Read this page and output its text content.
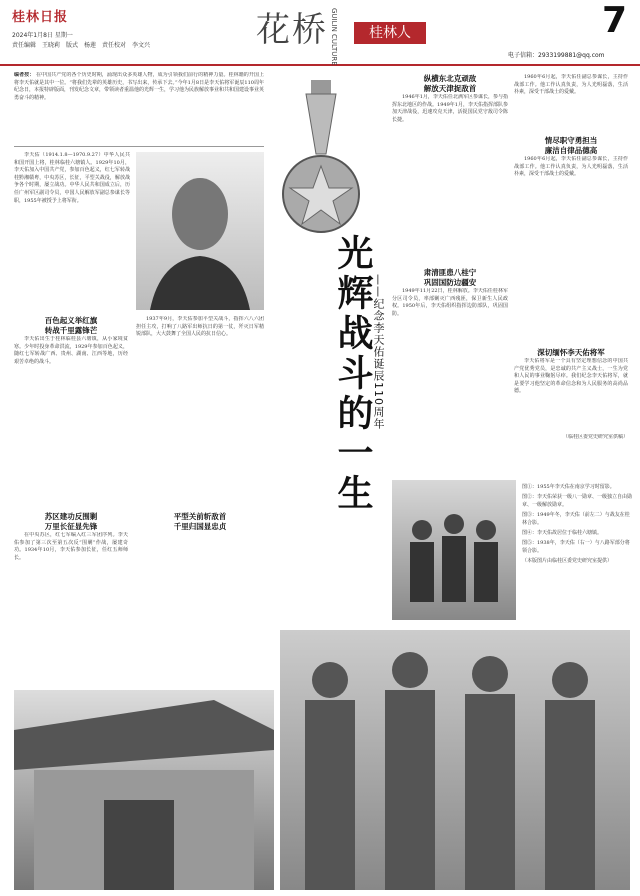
桂林日报
2024年1月8日 星期一
责任编辑　王晓莉　版式　杨莲　责任校对　李文兴	花桥 GUILIN CULTURE	桂林人	7
电子信箱：2933199881@qq.com
编者按： 在中国共产党的各个历史时期，涌现出众多英雄人物，成为引领我们前行的精神力量。桂林籍的开国上将李天佑就是其中一位。“将我们先辈的英雄历史，书写出来，传承下去。”今年1月8日是李天佑将军诞辰110周年纪念日，本报特辟版面，刊发纪念文章，带领读者重温他的光辉一生，学习他为民族解放事业和共和国建设事业英勇奋斗的精神。

李天佑（1914.1.8—1970.9.27）中华人民共和国开国上将，桂林临桂六塘镇人。1929年10月，李天佑加入中国共产党，参加百色起义，红七军转战桂黔湘赣粤，中央苏区，长征，平型关战役，解放战争各个时期，屡立战功。中华人民共和国成立后，历任广州军区副司令员，中国人民解放军副总参谋长等职，1955年被授予上将军衔。

百色起义举红旗
转战千里露锋芒

李天佑出生于桂林临桂县六塘镇，从小家境贫寒。少年时投身革命洪流，1929年参加百色起义，随红七军转战广西、贵州、湖南、江西等地，历经艰苦卓绝的战斗。

苏区建功反围剿
万里长征显先锋

在中央苏区，红七军编入红三军团序列。李天佑参加了第三次至第五次反“围剿”作战，屡建奇功。1934年10月，李天佑参加长征，任红五师师长。

1937年9月，李天佑参加平型关战斗，指挥六八六团担任主攻，打响了八路军出师抗日的第一仗，歼灭日军精锐部队，大大鼓舞了全国人民的抗日信心。

平型关前斩敌首
千里归国显忠贞
光辉战斗的一生 ——纪念李天佑诞辰110周年
纵横东北克顽敌
解放天津捉敌首

1946年1月，李天佑任北满军区参谋长，参与指挥东北地区的作战。1949年1月，李天佑指挥部队参加天津战役，迅速攻克天津，活捉国民党守敌司令陈长捷。

肃清匪患八桂宁
巩固国防边疆安

1949年11月22日，桂林解放。李天佑任桂林军分区司令员，率部剿灭广西残匪，保卫新生人民政权。1950年后，李天佑组织指挥边防部队，巩固国防。

1960年6月起，李天佑任副总参谋长，主持作战部工作。他工作认真负责，为人光明磊落，生活朴素，深受干部战士的爱戴。

情尽职守勇担当
廉洁自律品德高

1960年6月起，李天佑任副总参谋长，主持作战部工作。他工作认真负责，为人光明磊落，生活朴素，深受干部战士的爱戴。

深切缅怀李天佑将军

李天佑将军是一个具有坚定理想信念的中国共产党优秀党员，是忠诚的共产主义战士，一生为党和人民的事业鞠躬尽瘁。我们纪念李天佑将军，就是要学习他坚定的革命信念和为人民服务的高尚品德。

（临桂区委党史研究室供稿）
图①：1955年李天佑在南京学习时留影。
图②：李天佑荣获一级八一勋章、一级独立自由勋章、一级解放勋章。
图③：1949年冬，李天佑（前左二）与战友在桂林合影。
图④：李天佑故居位于临桂六塘镇。
图⑤：1938年，李天佑（右一）与八路军部分将领合影。
（本版图片由临桂区委党史研究室提供）
